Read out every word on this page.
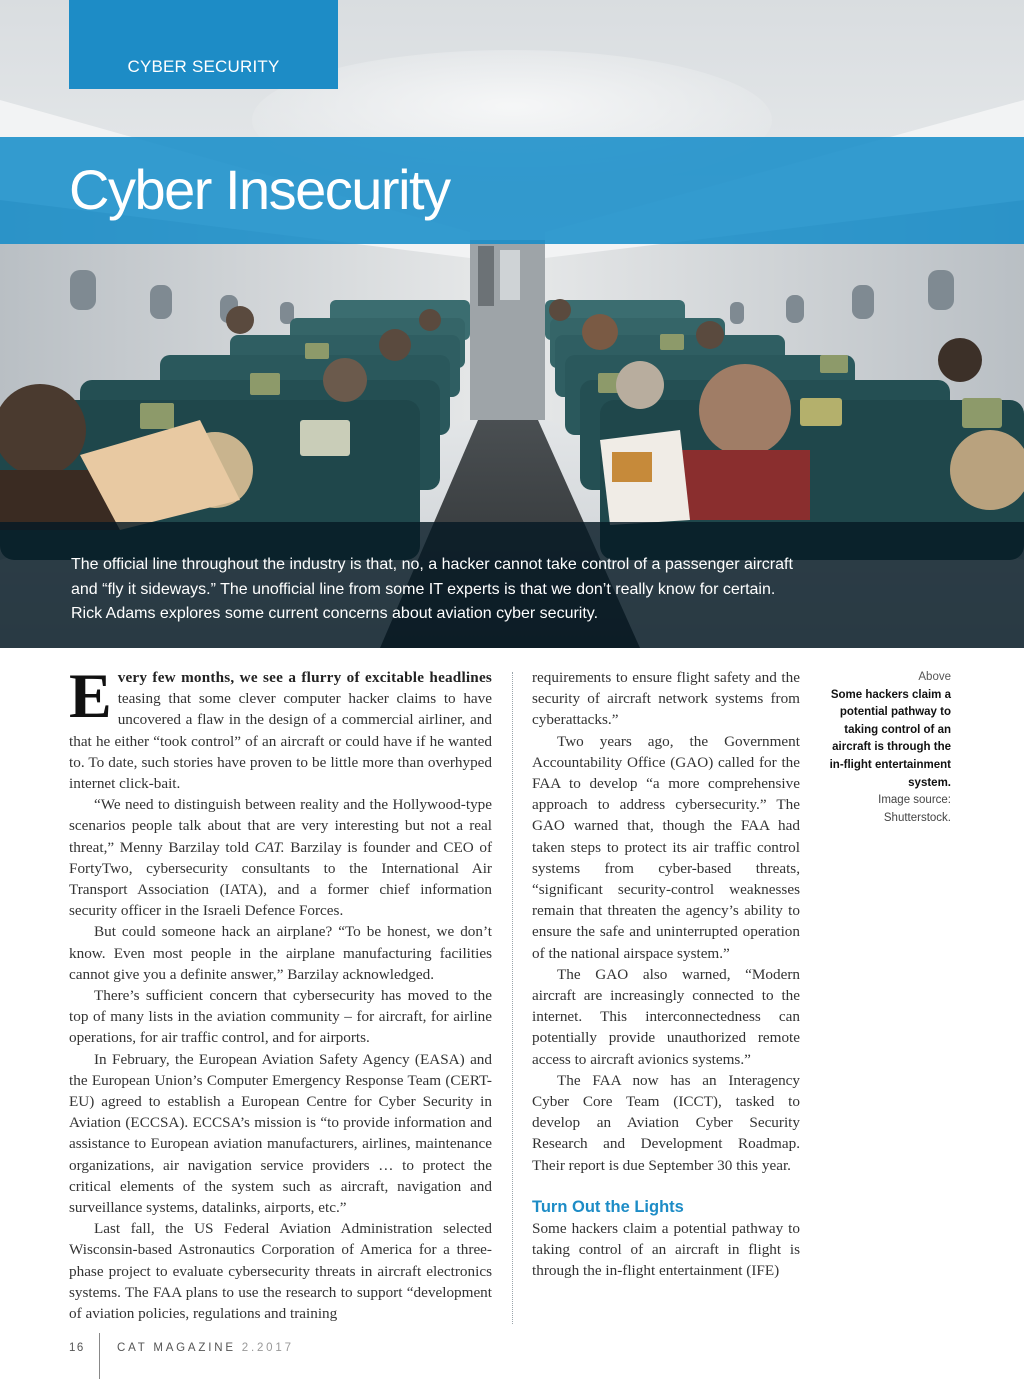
CYBER SECURITY
Cyber Insecurity
The official line throughout the industry is that, no, a hacker cannot take control of a passenger aircraft
and “fly it sideways.” The unofficial line from some IT experts is that we don’t really know for certain.
Rick Adams explores some current concerns about aviation cyber security.

Every few months, we see a flurry of excitable headlines teasing that some clever computer hacker claims to have uncovered a flaw in the design of a commercial airliner, and that he either “took control” of an aircraft or could have if he wanted to. To date, such stories have proven to be little more than overhyped internet click-bait.

“We need to distinguish between reality and the Hollywood-type scenarios people talk about that are very interesting but not a real threat,” Menny Barzilay told CAT. Barzilay is founder and CEO of FortyTwo, cybersecurity consultants to the International Air Transport Association (IATA), and a former chief information security officer in the Israeli Defence Forces.

But could someone hack an airplane? “To be honest, we don’t know. Even most people in the airplane manufacturing facilities cannot give you a definite answer,” Barzilay acknowledged.

There’s sufficient concern that cybersecurity has moved to the top of many lists in the aviation community – for aircraft, for airline operations, for air traffic control, and for airports.

In February, the European Aviation Safety Agency (EASA) and the European Union’s Computer Emergency Response Team (CERT-EU) agreed to establish a European Centre for Cyber Security in Aviation (ECCSA). ECCSA’s mission is “to provide information and assistance to European aviation manufacturers, airlines, maintenance organizations, air navigation service providers … to protect the critical elements of the system such as aircraft, navigation and surveillance systems, datalinks, airports, etc.”

Last fall, the US Federal Aviation Administration selected Wisconsin-based Astronautics Corporation of America for a three-phase project to evaluate cybersecurity threats in aircraft electronics systems. The FAA plans to use the research to support “development of aviation policies, regulations and training

requirements to ensure flight safety and the security of aircraft network systems from cyberattacks.”

Two years ago, the Government Accountability Office (GAO) called for the FAA to develop “a more comprehensive approach to address cybersecurity.” The GAO warned that, though the FAA had taken steps to protect its air traffic control systems from cyber-based threats, “significant security-control weaknesses remain that threaten the agency’s ability to ensure the safe and uninterrupted operation of the national airspace system.”

The GAO also warned, “Modern aircraft are increasingly connected to the internet. This interconnectedness can potentially provide unauthorized remote access to aircraft avionics systems.”

The FAA now has an Interagency Cyber Core Team (ICCT), tasked to develop an Aviation Cyber Security Research and Development Roadmap. Their report is due September 30 this year.

Turn Out the Lights

Some hackers claim a potential pathway to taking control of an aircraft in flight is through the in-flight entertainment (IFE)

Above
Some hackers claim a potential pathway to taking control of an aircraft is through the in-flight entertainment system.
Image source: Shutterstock.
16	CAT MAGAZINE 2.2017
